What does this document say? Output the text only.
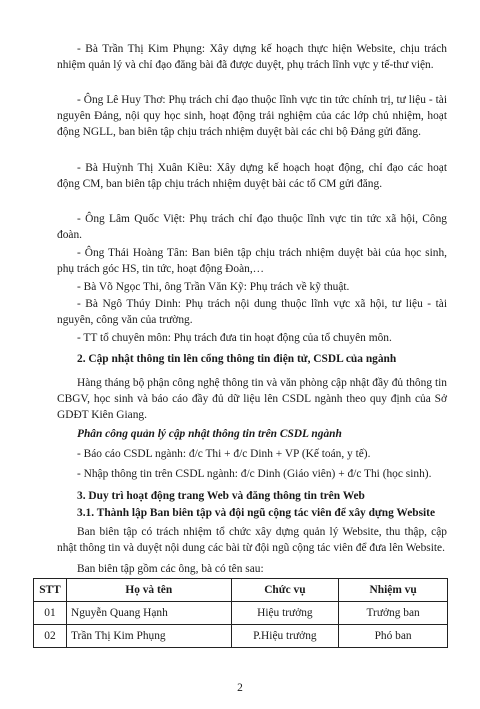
- Bà Trần Thị Kim Phụng: Xây dựng kế hoạch thực hiện Website, chịu trách nhiệm quản lý và chỉ đạo đăng bài đã được duyệt, phụ trách lĩnh vực y tế-thư viện.
- Ông Lê Huy Thơ: Phụ trách chỉ đạo thuộc lĩnh vực tin tức chính trị, tư liệu - tài nguyên Đảng, nội quy học sinh, hoạt động trải nghiệm của các lớp chủ nhiệm, hoạt động NGLL, ban biên tập chịu trách nhiệm duyệt bài các chi bộ Đảng gửi đăng.
- Bà Huỳnh Thị Xuân Kiều: Xây dựng kế hoạch hoạt động, chỉ đạo các hoạt động CM, ban biên tập chịu trách nhiệm duyệt bài các tổ CM gửi đăng.
- Ông Lâm Quốc Việt: Phụ trách chỉ đạo thuộc lĩnh vực tin tức xã hội, Công đoàn.
- Ông Thái Hoàng Tân: Ban biên tập chịu trách nhiệm duyệt bài của học sinh, phụ trách góc HS, tin tức, hoạt động Đoàn,…
- Bà Võ Ngọc Thi, ông Trần Văn Kỹ: Phụ trách về kỹ thuật.
- Bà Ngô Thúy Dinh: Phụ trách nội dung thuộc lĩnh vực xã hội, tư liệu - tài nguyên, công văn của trường.
- TT tổ chuyên môn: Phụ trách đưa tin hoạt động của tổ chuyên môn.
2. Cập nhật thông tin lên cổng thông tin điện tử, CSDL của ngành
Hàng tháng bộ phận công nghệ thông tin và văn phòng cập nhật đầy đủ thông tin CBGV, học sinh và báo cáo đầy đủ dữ liệu lên CSDL ngành theo quy định của Sở GDĐT Kiên Giang.
Phân công quản lý cập nhật thông tin trên CSDL ngành
- Báo cáo CSDL ngành: đ/c Thi + đ/c Dinh + VP (Kế toán, y tế).
- Nhập thông tin trên CSDL ngành: đ/c Dinh (Giáo viên) + đ/c Thi (học sinh).
3. Duy trì hoạt động trang Web và đăng thông tin trên Web
3.1. Thành lập Ban biên tập và đội ngũ cộng tác viên để xây dựng Website
Ban biên tập có trách nhiệm tổ chức xây dựng quản lý Website, thu thập, cập nhật thông tin và duyệt nội dung các bài từ đội ngũ cộng tác viên để đưa lên Website.
Ban biên tập gồm các ông, bà có tên sau:
STT	Họ và tên	Chức vụ	Nhiệm vụ
01	Nguyễn Quang Hạnh	Hiệu trưởng	Trưởng ban
02	Trần Thị Kim Phụng	P.Hiệu trưởng	Phó ban
2
